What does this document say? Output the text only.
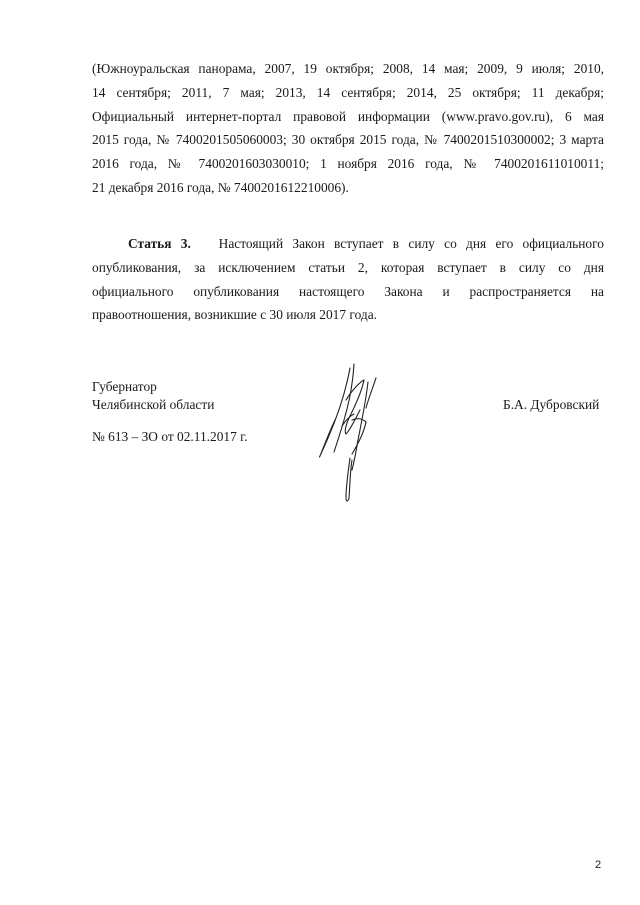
(Южноуральская панорама, 2007, 19 октября; 2008, 14 мая; 2009, 9 июля; 2010,
14 сентября; 2011, 7 мая; 2013, 14 сентября; 2014, 25 октября; 11 декабря;
Официальный интернет-портал правовой информации (www.pravo.gov.ru), 6 мая
2015 года, № 7400201505060003; 30 октября 2015 года, № 7400201510300002; 3 марта
2016 года, № 7400201603030010; 1 ноября 2016 года, № 7400201611010011;
21 декабря 2016 года, № 7400201612210006).
Статья 3. Настоящий Закон вступает в силу со дня его официального
опубликования, за исключением статьи 2, которая вступает в силу со дня
официального опубликования настоящего Закона и распространяется на
правоотношения, возникшие с 30 июля 2017 года.
Губернатор
Челябинской области	Б.А. Дубровский
№ 613 – ЗО от 02.11.2017 г.
2
